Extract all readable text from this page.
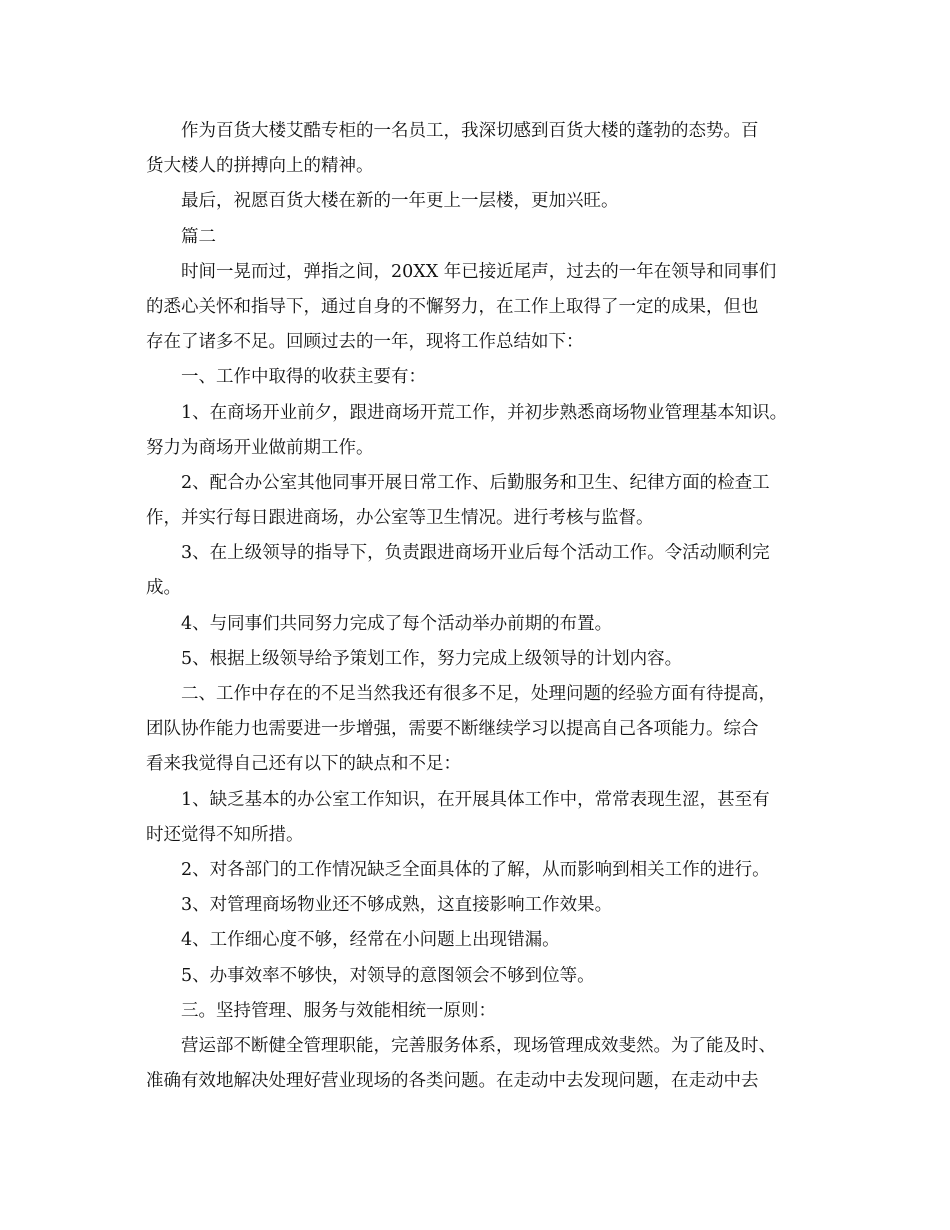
作为百货大楼艾酷专柜的一名员工，我深切感到百货大楼的蓬勃的态势。百
货大楼人的拼搏向上的精神。
最后，祝愿百货大楼在新的一年更上一层楼，更加兴旺。
篇二
时间一晃而过，弹指之间，20XX 年已接近尾声，过去的一年在领导和同事们
的悉心关怀和指导下，通过自身的不懈努力，在工作上取得了一定的成果，但也
存在了诸多不足。回顾过去的一年，现将工作总结如下：
一、工作中取得的收获主要有：
1、在商场开业前夕，跟进商场开荒工作，并初步熟悉商场物业管理基本知识。
努力为商场开业做前期工作。
2、配合办公室其他同事开展日常工作、后勤服务和卫生、纪律方面的检查工
作，并实行每日跟进商场，办公室等卫生情况。进行考核与监督。
3、在上级领导的指导下，负责跟进商场开业后每个活动工作。令活动顺利完
成。
4、与同事们共同努力完成了每个活动举办前期的布置。
5、根据上级领导给予策划工作，努力完成上级领导的计划内容。
二、工作中存在的不足当然我还有很多不足，处理问题的经验方面有待提高，
团队协作能力也需要进一步增强，需要不断继续学习以提高自己各项能力。综合
看来我觉得自己还有以下的缺点和不足：
1、缺乏基本的办公室工作知识，在开展具体工作中，常常表现生涩，甚至有
时还觉得不知所措。
2、对各部门的工作情况缺乏全面具体的了解，从而影响到相关工作的进行。
3、对管理商场物业还不够成熟，这直接影响工作效果。
4、工作细心度不够，经常在小问题上出现错漏。
5、办事效率不够快，对领导的意图领会不够到位等。
三。坚持管理、服务与效能相统一原则：
营运部不断健全管理职能，完善服务体系，现场管理成效斐然。为了能及时、
准确有效地解决处理好营业现场的各类问题。在走动中去发现问题，在走动中去
